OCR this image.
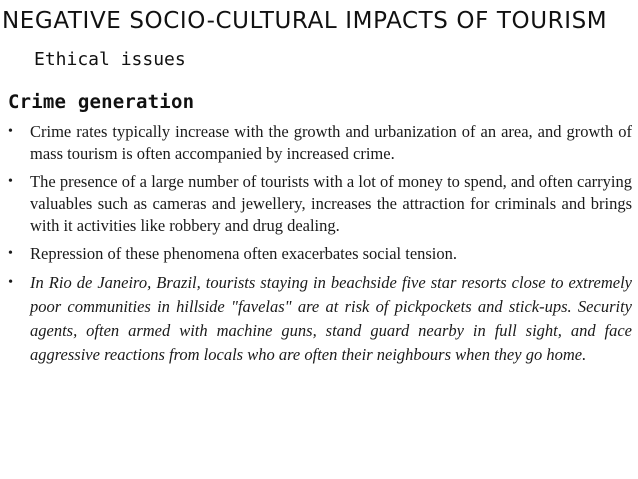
NEGATIVE SOCIO-CULTURAL IMPACTS OF TOURISM
Ethical issues
Crime generation
• Crime rates typically increase with the growth and urbanization of an area, and growth of mass tourism is often accompanied by increased crime.
• The presence of a large number of tourists with a lot of money to spend, and often carrying valuables such as cameras and jewellery, increases the attraction for criminals and brings with it activities like robbery and drug dealing.
• Repression of these phenomena often exacerbates social tension.
• In Rio de Janeiro, Brazil, tourists staying in beachside five star resorts close to extremely poor communities in hillside "favelas" are at risk of pickpockets and stick-ups. Security agents, often armed with machine guns, stand guard nearby in full sight, and face aggressive reactions from locals who are often their neighbours when they go home.
